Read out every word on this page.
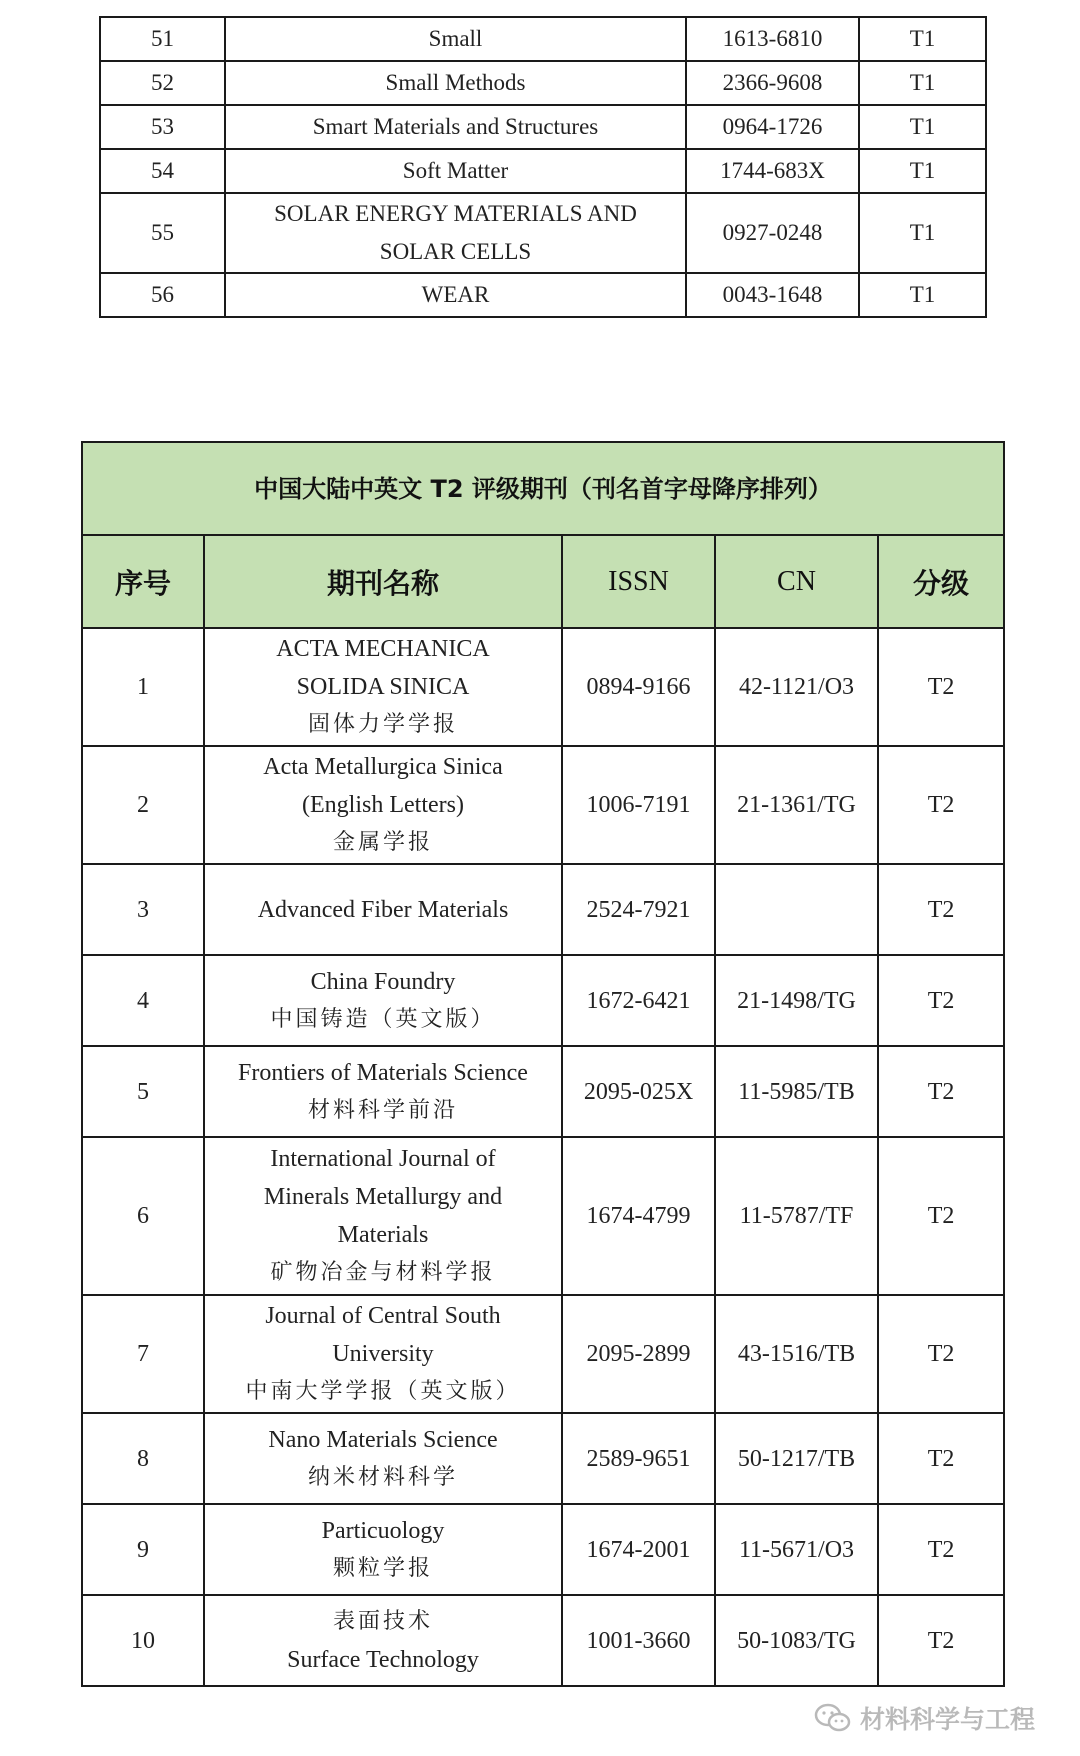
51	Small	1613-6810	T1
52	Small Methods	2366-9608	T1
53	Smart Materials and Structures	0964-1726	T1
54	Soft Matter	1744-683X	T1
55	SOLAR ENERGY MATERIALS AND
SOLAR CELLS	0927-0248	T1
56	WEAR	0043-1648	T1
中国大陆中英文 T2 评级期刊（刊名首字母降序排列）				
序号	期刊名称	ISSN	CN	分级
1	ACTA MECHANICA
SOLIDA SINICA
固体力学学报	0894-9166	42-1121/O3	T2
2	Acta Metallurgica Sinica
(English Letters)
金属学报	1006-7191	21-1361/TG	T2
3	Advanced Fiber Materials	2524-7921		T2
4	China Foundry
中国铸造（英文版）	1672-6421	21-1498/TG	T2
5	Frontiers of Materials Science
材料科学前沿	2095-025X	11-5985/TB	T2
6	International Journal of
Minerals Metallurgy and
Materials
矿物冶金与材料学报	1674-4799	11-5787/TF	T2
7	Journal of Central South
University
中南大学学报（英文版）	2095-2899	43-1516/TB	T2
8	Nano Materials Science
纳米材料科学	2589-9651	50-1217/TB	T2
9	Particuology
颗粒学报	1674-2001	11-5671/O3	T2
10	表面技术
Surface Technology	1001-3660	50-1083/TG	T2
材料科学与工程
